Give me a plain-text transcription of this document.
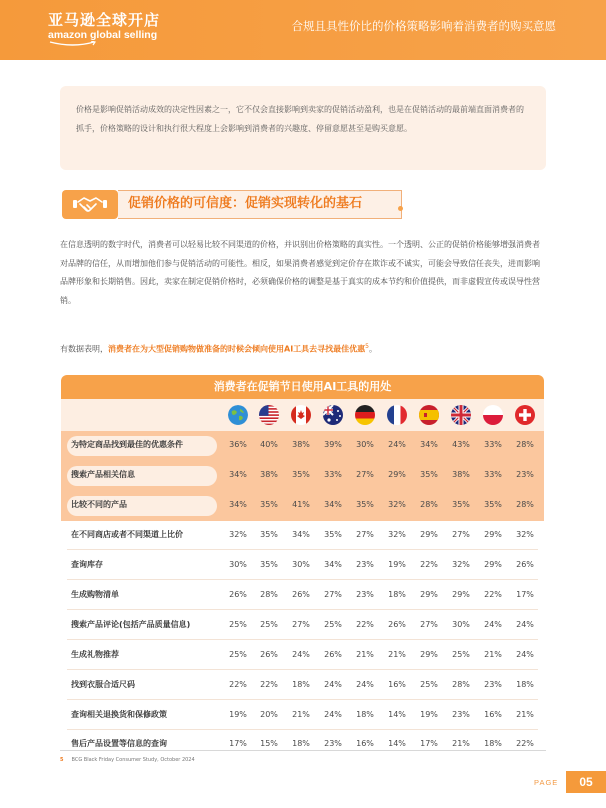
亚马逊全球开店
amazon global selling
合规且具性价比的价格策略影响着消费者的购买意愿
价格是影响促销活动成效的决定性因素之一，它不仅会直接影响到卖家的促销活动盈利，也是在促销活动的最前端直面消费者的抓手，价格策略的设计和执行很大程度上会影响到消费者的兴趣度、停留意愿甚至是购买意愿。
促销价格的可信度：促销实现转化的基石
在信息透明的数字时代，消费者可以轻易比较不同渠道的价格，并识别出价格策略的真实性。一个透明、公正的促销价格能够增强消费者对品牌的信任，从而增加他们参与促销活动的可能性。相反，如果消费者感觉到定价存在欺诈或不诚实，可能会导致信任丧失，进而影响品牌形象和长期销售。因此，卖家在制定促销价格时，必须确保价格的调整是基于真实的成本节约和价值提供，而非虚假宣传或误导性营销。
有数据表明，消费者在为大型促销购物做准备的时候会倾向使用AI工具去寻找最佳优惠$^5$。
消费者在促销节日使用AI工具的用处
为特定商品找到最佳的优惠条件	36%	40%	38%	39%	30%	24%	34%	43%	33%	28%
搜索产品相关信息	34%	38%	35%	33%	27%	29%	35%	38%	33%	23%
比较不同的产品	34%	35%	41%	34%	35%	32%	28%	35%	35%	28%
在不同商店或者不同渠道上比价	32%	35%	34%	35%	27%	32%	29%	27%	29%	32%
查询库存	30%	35%	30%	34%	23%	19%	22%	32%	29%	26%
生成购物清单	26%	28%	26%	27%	23%	18%	29%	29%	22%	17%
搜索产品评论(包括产品质量信息)	25%	25%	27%	25%	22%	26%	27%	30%	24%	24%
生成礼物推荐	25%	26%	24%	26%	21%	21%	29%	25%	21%	24%
找到衣服合适尺码	22%	22%	18%	24%	24%	16%	25%	28%	23%	18%
查询相关退换货和保修政策	19%	20%	21%	24%	18%	14%	19%	23%	16%	21%
售后产品设置等信息的查询	17%	15%	18%	23%	16%	14%	17%	21%	18%	22%
5 BCG Black Friday Consumer Study, October 2024
PAGE	05
